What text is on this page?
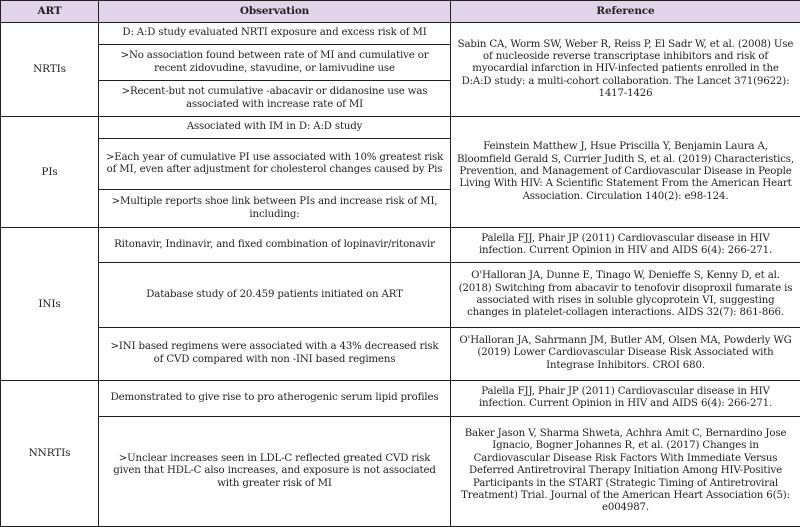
ART	Observation	Reference
NRTIs	D: A:D study evaluated NRTI exposure and excess risk of MI	Sabin CA, Worm SW, Weber R, Reiss P, El Sadr W, et al. (2008) Use of nucleoside reverse transcriptase inhibitors and risk of myocardial infarction in HIV-infected patients enrolled in the D:A:D study: a multi-cohort collaboration. The Lancet 371(9622): 1417-1426
	>No association found between rate of MI and cumulative or recent zidovudine, stavudine, or lamivudine use	
	>Recent-but not cumulative -abacavir or didanosine use was associated with increase rate of MI	
PIs	Associated with IM in D: A:D study	Feinstein Matthew J, Hsue Priscilla Y, Benjamin Laura A, Bloomfield Gerald S, Currier Judith S, et al. (2019) Characteristics, Prevention, and Management of Cardiovascular Disease in People Living With HIV: A Scientific Statement From the American Heart Association. Circulation 140(2): e98-124.
	>Each year of cumulative PI use associated with 10% greatest risk of MI, even after adjustment for cholesterol changes caused by Pis	
	>Multiple reports shoe link between PIs and increase risk of MI, including:	
INIs	Ritonavir, Indinavir, and fixed combination of lopinavir/ritonavir	Palella FJJ, Phair JP (2011) Cardiovascular disease in HIV infection. Current Opinion in HIV and AIDS 6(4): 266-271.
	Database study of 20.459 patients initiated on ART	O'Halloran JA, Dunne E, Tinago W, Denieffe S, Kenny D, et al. (2018) Switching from abacavir to tenofovir disoproxil fumarate is associated with rises in soluble glycoprotein VI, suggesting changes in platelet-collagen interactions. AIDS 32(7): 861-866.
	>INI based regimens were associated with a 43% decreased risk of CVD compared with non -INI based regimens	O'Halloran JA, Sahrmann JM, Butler AM, Olsen MA, Powderly WG (2019) Lower Cardiovascular Disease Risk Associated with Integrase Inhibitors. CROI 680.
NNRTIs	Demonstrated to give rise to pro atherogenic serum lipid profiles	Palella FJJ, Phair JP (2011) Cardiovascular disease in HIV infection. Current Opinion in HIV and AIDS 6(4): 266-271.
	>Unclear increases seen in LDL-C reflected greated CVD risk given that HDL-C also increases, and exposure is not associated with greater risk of MI	Baker Jason V, Sharma Shweta, Achhra Amit C, Bernardino Jose Ignacio, Bogner Johannes R, et al. (2017) Changes in Cardiovascular Disease Risk Factors With Immediate Versus Deferred Antiretroviral Therapy Initiation Among HIV-Positive Participants in the START (Strategic Timing of Antiretroviral Treatment) Trial. Journal of the American Heart Association 6(5): e004987.
